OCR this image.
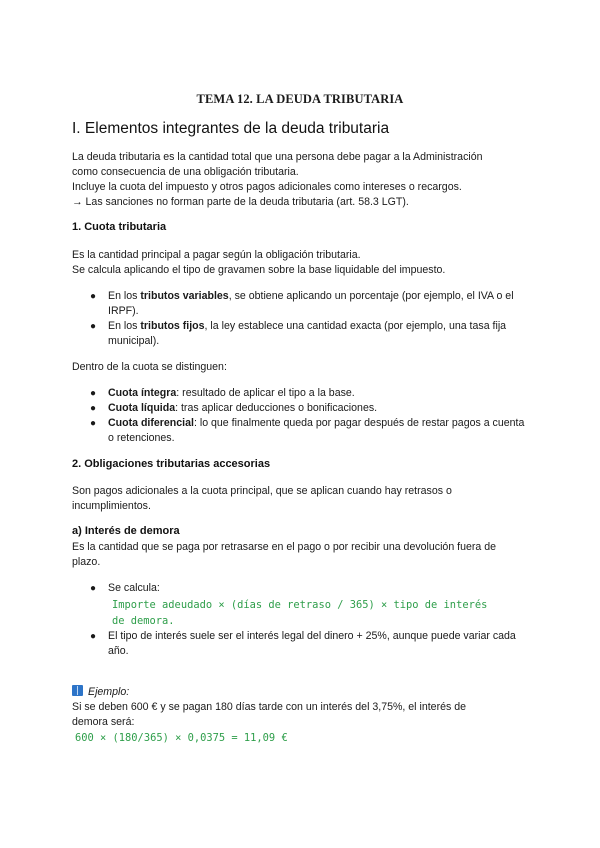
TEMA 12. LA DEUDA TRIBUTARIA
I. Elementos integrantes de la deuda tributaria
La deuda tributaria es la cantidad total que una persona debe pagar a la Administración
como consecuencia de una obligación tributaria.
Incluye la cuota del impuesto y otros pagos adicionales como intereses o recargos.
→ Las sanciones no forman parte de la deuda tributaria (art. 58.3 LGT).
1. Cuota tributaria
Es la cantidad principal a pagar según la obligación tributaria.
Se calcula aplicando el tipo de gravamen sobre la base liquidable del impuesto.
● En los tributos variables, se obtiene aplicando un porcentaje (por ejemplo, el IVA o el IRPF).
● En los tributos fijos, la ley establece una cantidad exacta (por ejemplo, una tasa fija municipal).
Dentro de la cuota se distinguen:
● Cuota íntegra: resultado de aplicar el tipo a la base.
● Cuota líquida: tras aplicar deducciones o bonificaciones.
● Cuota diferencial: lo que finalmente queda por pagar después de restar pagos a cuenta o retenciones.
2. Obligaciones tributarias accesorias
Son pagos adicionales a la cuota principal, que se aplican cuando hay retrasos o
incumplimientos.
a) Interés de demora
Es la cantidad que se paga por retrasarse en el pago o por recibir una devolución fuera de
plazo.
● Se calcula:
Importe adeudado × (días de retraso / 365) × tipo de interés
de demora.
● El tipo de interés suele ser el interés legal del dinero + 25%, aunque puede variar cada año.
Ejemplo:
Si se deben 600 € y se pagan 180 días tarde con un interés del 3,75%, el interés de
demora será:
600 × (180/365) × 0,0375 = 11,09 €
